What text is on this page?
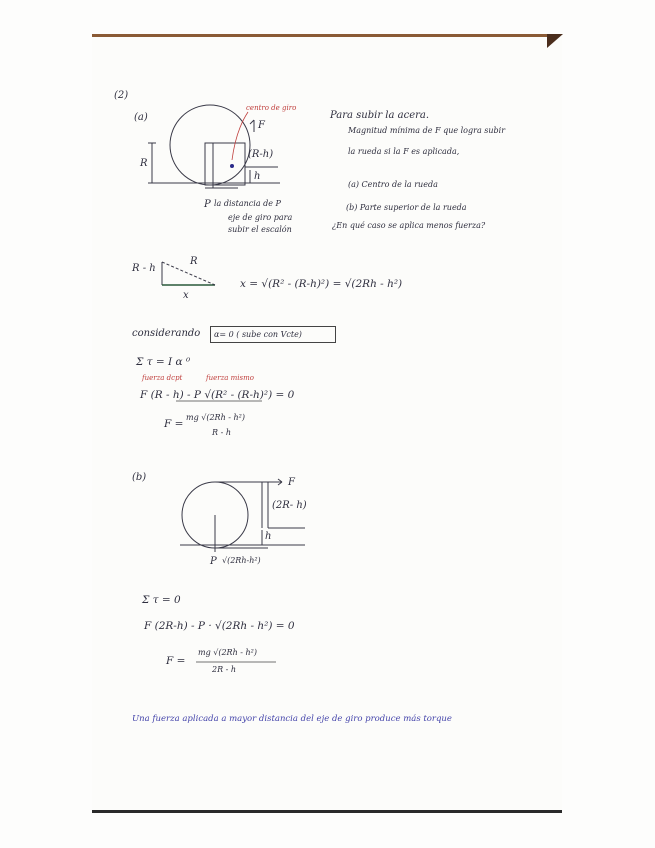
(2)
(a)
centro de giro
F
R
(R-h)
h
P la distancia de P
eje de giro para
subir el escalón
Para subir la acera.
Magnitud mínima de F que logra subir
la rueda si la F es aplicada,
(a) Centro de la rueda
(b) Parte superior de la rueda
¿En qué caso se aplica menos fuerza?
R - h
R
x
x = √(R² - (R-h)²) = √(2Rh - h²)
considerando α= 0 ( sube con Vcte)
Σ τ = I α ⁰
fuerza dcpt	fuerza mismo
F (R - h) - P √(R² - (R-h)²) = 0
F =
mg √(2Rh - h²)
R - h
(b)	F
(2R- h)
h
P √(2Rh-h²)
Σ τ = 0
F (2R-h) - P · √(2Rh - h²) = 0
F =
mg √(2Rh - h²)
2R - h
Una fuerza aplicada a mayor distancia del eje de giro produce más torque
